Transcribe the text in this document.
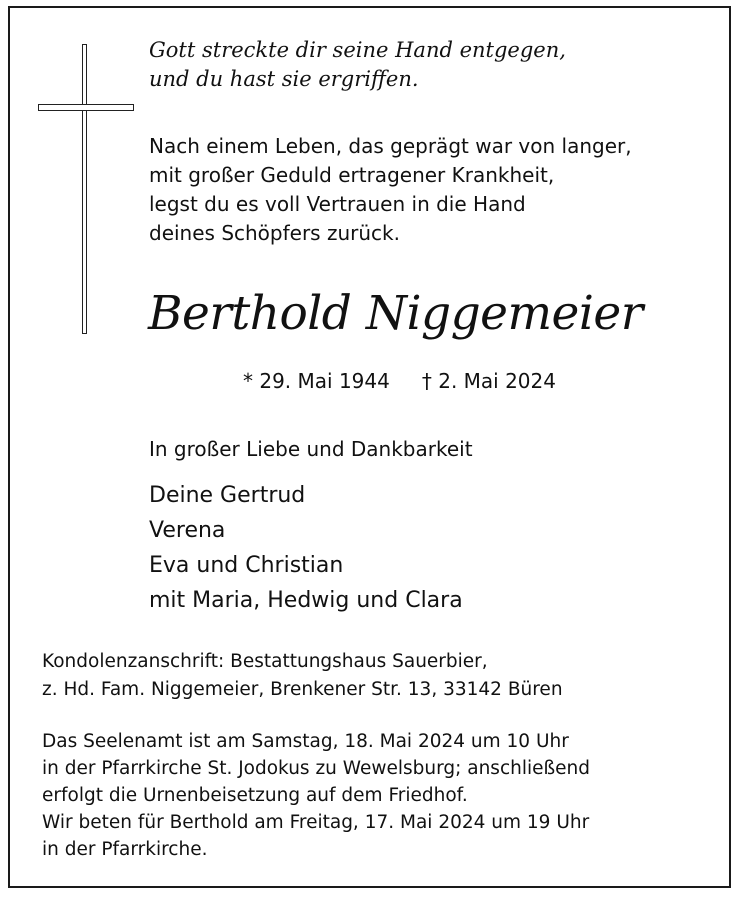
Gott streckte dir seine Hand entgegen,
und du hast sie ergriffen.
Nach einem Leben, das geprägt war von langer,
mit großer Geduld ertragener Krankheit,
legst du es voll Vertrauen in die Hand
deines Schöpfers zurück.
Berthold Niggemeier
* 29. Mai 1944 † 2. Mai 2024
In großer Liebe und Dankbarkeit
Deine Gertrud
Verena
Eva und Christian
mit Maria, Hedwig und Clara
Kondolenzanschrift: Bestattungshaus Sauerbier,
z. Hd. Fam. Niggemeier, Brenkener Str. 13, 33142 Büren
Das Seelenamt ist am Samstag, 18. Mai 2024 um 10 Uhr
in der Pfarrkirche St. Jodokus zu Wewelsburg; anschließend
erfolgt die Urnenbeisetzung auf dem Friedhof.
Wir beten für Berthold am Freitag, 17. Mai 2024 um 19 Uhr
in der Pfarrkirche.
